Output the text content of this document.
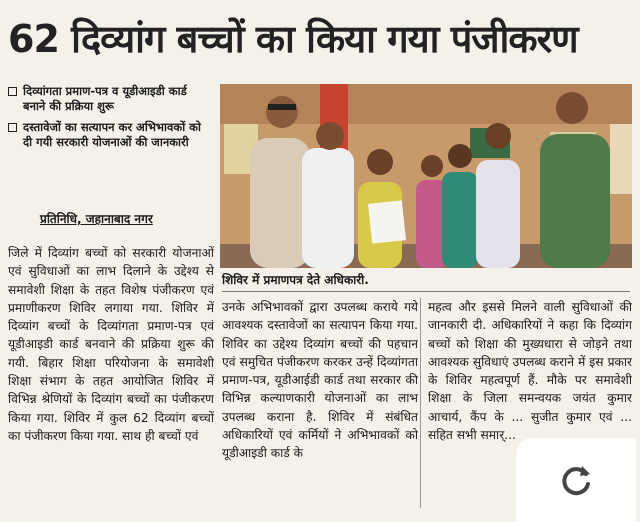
62 दिव्यांग बच्चों का किया गया पंजीकरण
दिव्यांगता प्रमाण-पत्र व यूडीआइडी कार्ड बनाने की प्रक्रिया शुरू
दस्तावेजों का सत्यापन कर अभिभावकों को दी गयी सरकारी योजनाओं की जानकारी
प्रतिनिधि, जहानाबाद नगर
शिविर में प्रमाणपत्र देते अधिकारी.
जिले में दिव्यांग बच्चों को सरकारी योजनाओं एवं सुविधाओं का लाभ दिलाने के उद्देश्य से समावेशी शिक्षा के तहत विशेष पंजीकरण एवं प्रमाणीकरण शिविर लगाया गया. शिविर में दिव्यांग बच्चों के दिव्यांगता प्रमाण-पत्र एवं यूडीआइडी कार्ड बनवाने की प्रक्रिया शुरू की गयी. बिहार शिक्षा परियोजना के समावेशी शिक्षा संभाग के तहत आयोजित शिविर में विभिन्न श्रेणियों के दिव्यांग बच्चों का पंजीकरण किया गया. शिविर में कुल 62 दिव्यांग बच्चों का पंजीकरण किया गया. साथ ही बच्चों एवं
उनके अभिभावकों द्वारा उपलब्ध कराये गये आवश्यक दस्तावेजों का सत्यापन किया गया. शिविर का उद्देश्य दिव्यांग बच्चों की पहचान एवं समुचित पंजीकरण करकर उन्हें दिव्यांगता प्रमाण-पत्र, यूडीआईडी कार्ड तथा सरकार की विभिन्न कल्याणकारी योजनाओं का लाभ उपलब्ध कराना है. शिविर में संबंधित अधिकारियों एवं कर्मियों ने अभिभावकों को यूडीआइडी कार्ड के
महत्व और इससे मिलने वाली सुविधाओं की जानकारी दी. अधिकारियों ने कहा कि दिव्यांग बच्चों को शिक्षा की मुख्यधारा से जोड़ने तथा आवश्यक सुविधाएं उपलब्ध कराने में इस प्रकार के शिविर महत्वपूर्ण हैं. मौके पर समावेशी शिक्षा के जिला समन्वयक जयंत कुमार आचार्य, कैंप के ... सुजीत कुमार एवं ... सहित सभी समार्...
